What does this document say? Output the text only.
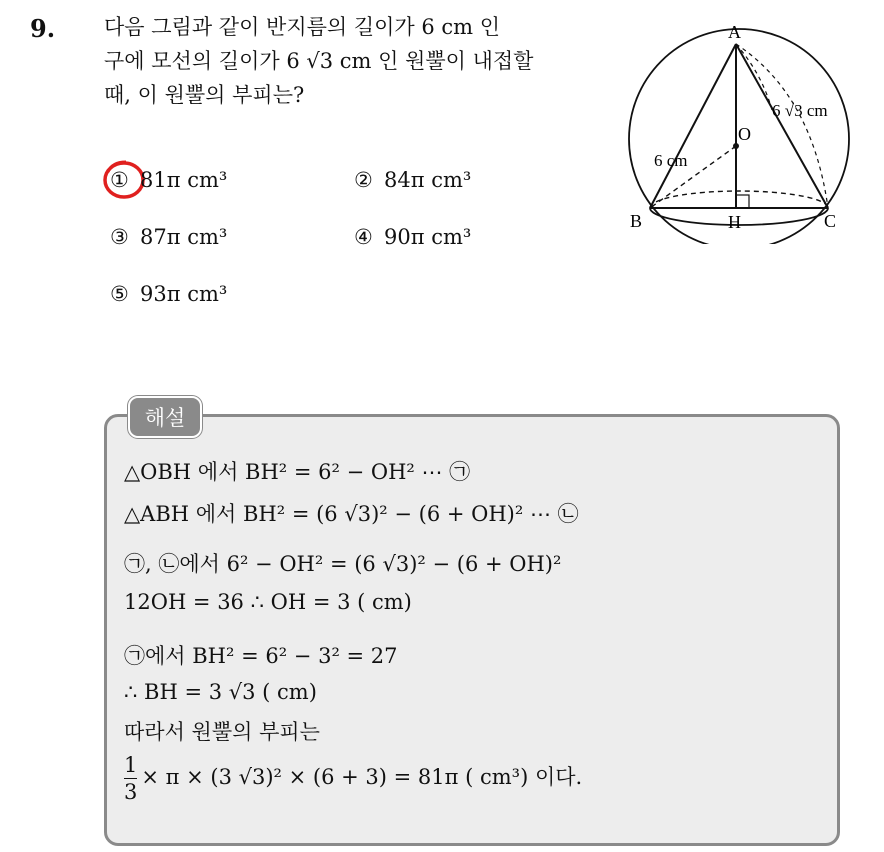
9. 다음 그림과 같이 반지름의 길이가 6 cm 인
구에 모선의 길이가 6 √3 cm 인 원뿔이 내접할
때, 이 원뿔의 부피는?
① 81π cm³	② 84π cm³
③ 87π cm³	④ 90π cm³
⑤ 93π cm³
A
O
B	H	C
6 cm
6 √3 cm
해설
△OBH 에서 BH² = 6² − OH² ⋯ ㉠
△ABH 에서 BH² = (6 √3)² − (6 + OH)² ⋯ ㉡
㉠, ㉡에서 6² − OH² = (6 √3)² − (6 + OH)²
12OH = 36 ∴ OH = 3 ( cm)
㉠에서 BH² = 6² − 3² = 27
∴ BH = 3 √3 ( cm)
따라서 원뿔의 부피는
$\frac{1}{3} \times \pi \times (3$ √3)² × (6 + 3) = 81π ( cm³) 이다.
